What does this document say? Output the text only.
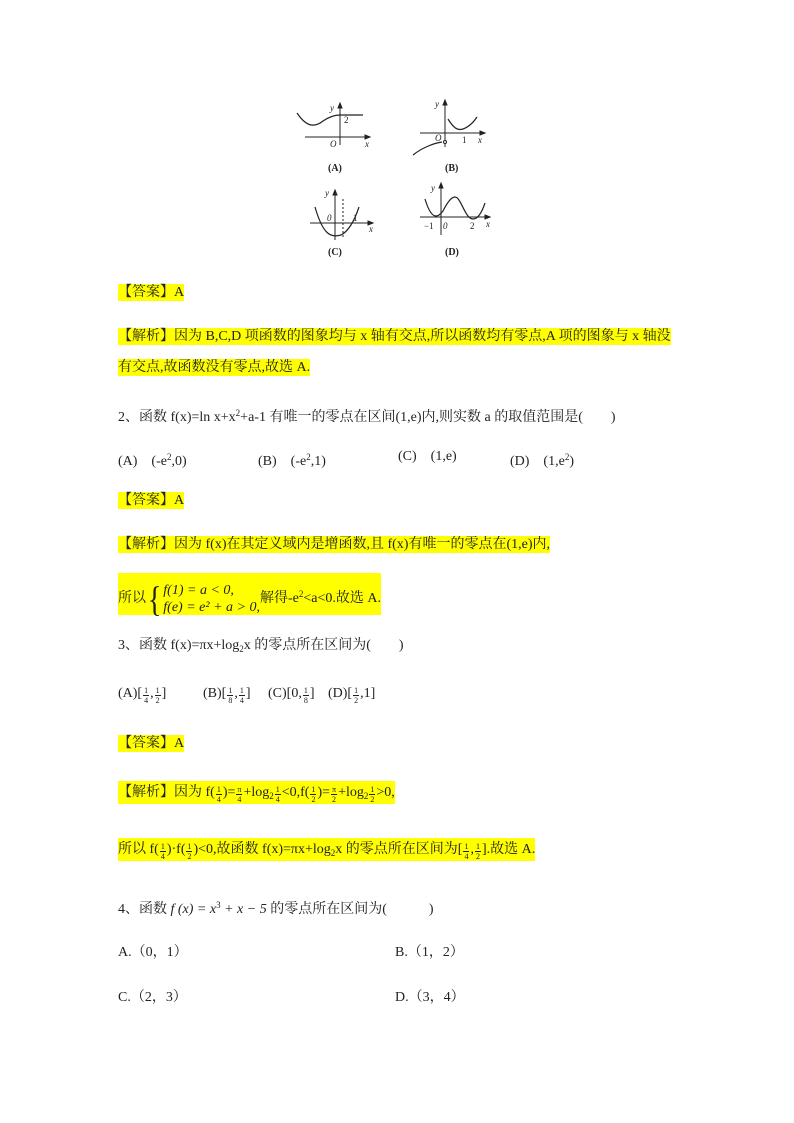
y
2
O	x
(A)
y
O 1 x
(B)
y
0 1
x
(C)
y
−1 0	2 x
(D)
【答案】A
【解析】因为 B,C,D 项函数的图象均与 x 轴有交点,所以函数均有零点,A 项的图象与 x 轴没
有交点,故函数没有零点,故选 A.
2、函数 f(x)=ln $x+x^2+a-1$ 有唯一的零点在区间(1,e)内,则实数 a 的取值范围是(　　)
(A)　$(-e^2,0)$	(B)　$(-e^2,1)$	(C)　(1,e)	(D)　$(1,e^2)$
【答案】A
【解析】因为 f(x)在其定义域内是增函数,且 f(x)有唯一的零点在(1,e)内,
所以{ f(1) = a < 0,
f(e) = e² + a > 0,
解得$-e^2<a<0$.故选 A.
3、函数 $f(x)=\pi x+\log_2x$ 的零点所在区间为(　　)
$(A)[ \frac{1}{4}$ , $\frac{1}{2}$ ]	$(B)[ \frac{1}{8}$ , $\frac{1}{4}$ ] (C)[0, $\frac{1}{8}$ ] $(D)[ \frac{1}{2} ,1]$
【答案】A
【解析】因为 $f( \frac{1}{4}$ )= $\frac{\pi}{4} +\log_2 \frac{1}{4} <0,f( \frac{1}{2}$ )= $\frac{\pi}{2} +\log_2 \frac{1}{2} >0$,
所以 $f( \frac{1}{4} )\cdot f( \frac{1}{2} )<0$,故函数 $f(x)=\pi x+\log_2x$ 的零点所在区间为[ $\frac{1}{4}$ , $\frac{1}{2}$ ].故选 A.
4、函数 f $(x) = x^3 + x - 5$ 的零点所在区间为(　　　)
A.（0，1）	B.（1，2）
C.（2，3）	D.（3，4）
